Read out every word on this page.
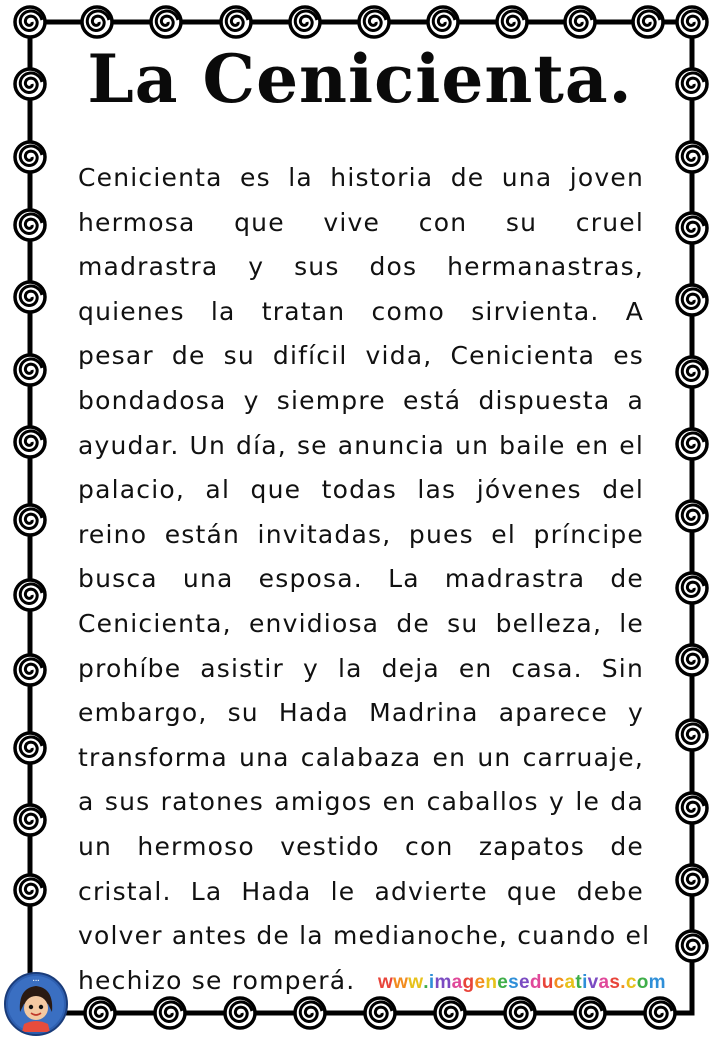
La Cenicienta.
Cenicienta es la historia de una joven
hermosa que vive con su cruel
madrastra y sus dos hermanastras,
quienes la tratan como sirvienta. A
pesar de su difícil vida, Cenicienta es
bondadosa y siempre está dispuesta a
ayudar. Un día, se anuncia un baile en el
palacio, al que todas las jóvenes del
reino están invitadas, pues el príncipe
busca una esposa. La madrastra de
Cenicienta, envidiosa de su belleza, le
prohíbe asistir y la deja en casa. Sin
embargo, su Hada Madrina aparece y
transforma una calabaza en un carruaje,
a sus ratones amigos en caballos y le da
un hermoso vestido con zapatos de
cristal. La Hada le advierte que debe
volver antes de la medianoche, cuando el
hechizo se romperá.	www.imageneseducativas.com
•••
